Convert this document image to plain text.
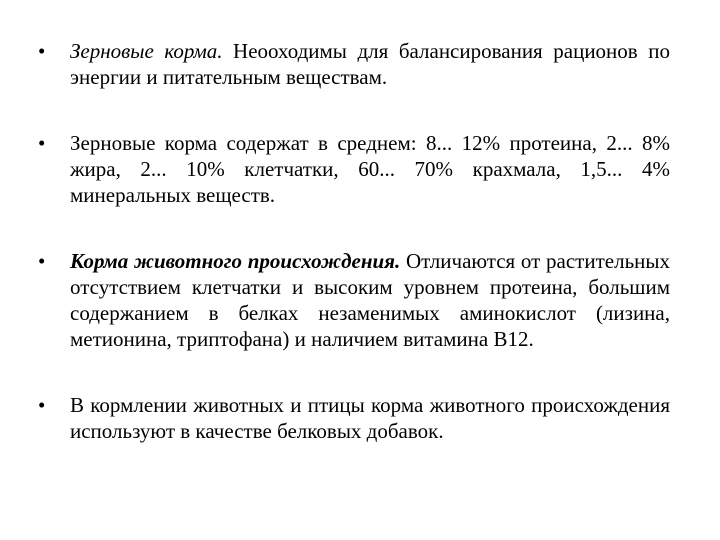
•	Зерновые корма. Неооходимы для балансирования рационов по энергии и питательным веществам.
•	Зерновые корма содержат в среднем: 8... 12% протеина, 2... 8% жира, 2... 10% клетчатки, 60... 70% крахмала, 1,5... 4% минеральных веществ.
•	Корма животного происхождения. Отличаются от растительных отсутствием клетчатки и высоким уровнем протеина, большим содержанием в белках незаменимых аминокислот (лизина, метионина, триптофана) и наличием витамина В12.
•	В кормлении животных и птицы корма животного происхождения используют в качестве белковых добавок.
